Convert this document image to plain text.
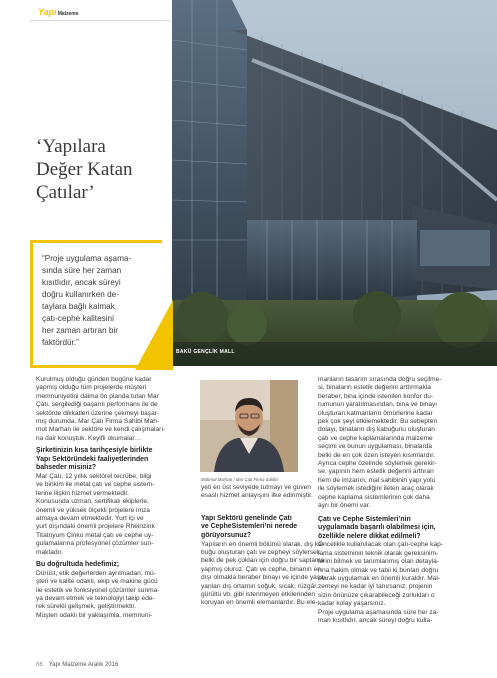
Yapı Malzeme
BAKÜ GENÇLİK MALL
‘Yapılara
Değer Katan
Çatılar’
“Proje uygulama aşama-
sında süre her zaman
kısıtlıdır, ancak süreyi
doğru kullanırken de-
taylara bağlı kalmak
çatı-cephe kalitesini
her zaman artıran bir
faktördür.”
Mahmut Marhan / Mar Çatı Firma Sahibi
Kurulmuş olduğu günden bugüne kadar
yapmış olduğu tüm projelerde müşteri
memnuniyetini daima ön planda tutan Mar
Çatı, sergilediği başarılı performans ile de
sektörde dikkatleri üzerine çekmeyi başar-
mış durumda. Mar Çatı Firma Sahibi Mah-
mut Marhan ile sektöre ve kendi çalışmaları-
na dair konuştuk. Keyifli okumalar…
Şirketinizin kısa tarihçesiyle birlikte
Yapı Sektöründeki faaliyetlerinden
bahseder misiniz?
Mar Çatı, 12 yıllık sektörel tecrübe, bilgi
ve birikim ile metal çatı ve cephe sistem-
lerine ilişkin hizmet vermektedir.
Konusunda uzman, sertifikalı ekiplerle,
önemli ve yüksek ölçekli projelere imza
atmaya devam etmektedir. Yurt içi ve
yurt dışındaki önemli projelere Rheinzink
Titatnyum Çinko metal çatı ve cephe uy-
gulamalarına profesyonel çözümler sun-
maktadır.
Bu doğrultuda hedefimiz;
Dürüst, etik değerlerden ayrılmadan, mü-
şteri ve kalite odaklı, ekip ve makine gücü
ile estetik ve fonksiyonel çözümler sunma-
ya devam etmek ve teknolojiyi takip ede-
rek sürekli gelişmek, geliştirmektir.
Müşteri odaklı bir yaklaşımla, memnuni-
yeti en üst seviyede tutmayı ve güven
esaslı hizmet anlayışını ilke edinmiştir.
Yapı Sektörü genelinde Çatı
ve CepheSistemleri’ni nerede
görüyorsunuz?
Yapıların en önemli bölümü olarak, dış ka-
buğu oluşturan çatı ve cepheyi söylersek
belki de pek çokları için doğru bir saptama
yapmış oluruz. Çatı ve cephe, binanın en
dışı olmakla beraber binayı ve içinde yaşa-
yanları dış ortamın soğuk, sıcak, rüzgâr,
gürültü vb. gibi istenmeyen etkilerinden
koruyan en önemli elemanlardır. Bu ele-
manların tasarım sırasında doğru seçilme-
si, binaların estetik değerini arttırmakla
beraber, bina içinde istenilen konfor du-
rumunun yaratılmasından, bina ve binayı
oluşturan katmanların ömürlerine kadar
pek çok şeyi etkilemektedir. Bu sebepten
dolayı, binaların dış kabuğunu oluşturan
çatı ve cephe kaplamalarında malzeme
seçimi ve bunun uygulaması, binalarda
belki de en çok özen isteyen kısımlardır.
Ayrıca cephe özelinde söylemek gerekir-
se, yapının hem estetik değerini arttıran
hem de imzanın, mal sahibinin yapı yolu
ile söylemek istediğini ileten araç olarak
cephe kaplama sistemlerinin çok daha
ayrı bir önemi var.
Çatı ve Cephe Sistemleri’nin
uygulamada başarılı olabilmesi için,
özellikle nelere dikkat edilmeli?
Öncelikle kullanılacak olan çatı-cephe kap-
lama sisteminin teknik olarak gereksinim-
lerini bilmek ve tanımlanmış olan detayla-
rına hakim olmak ve tabii ki bunları doğru
olarak uygulamak en önemli kuraldır. Mal-
zemeyi ne kadar iyi tanırsanız, projenin
sizin önünüze çıkarabileceği zorlukları o
kadar kolay yaşarsınız.
Proje uygulama aşamasında süre her za-
man kısıtlıdır, ancak süreyi doğru kulla-
66 Yapı Malzeme Aralık 2016
